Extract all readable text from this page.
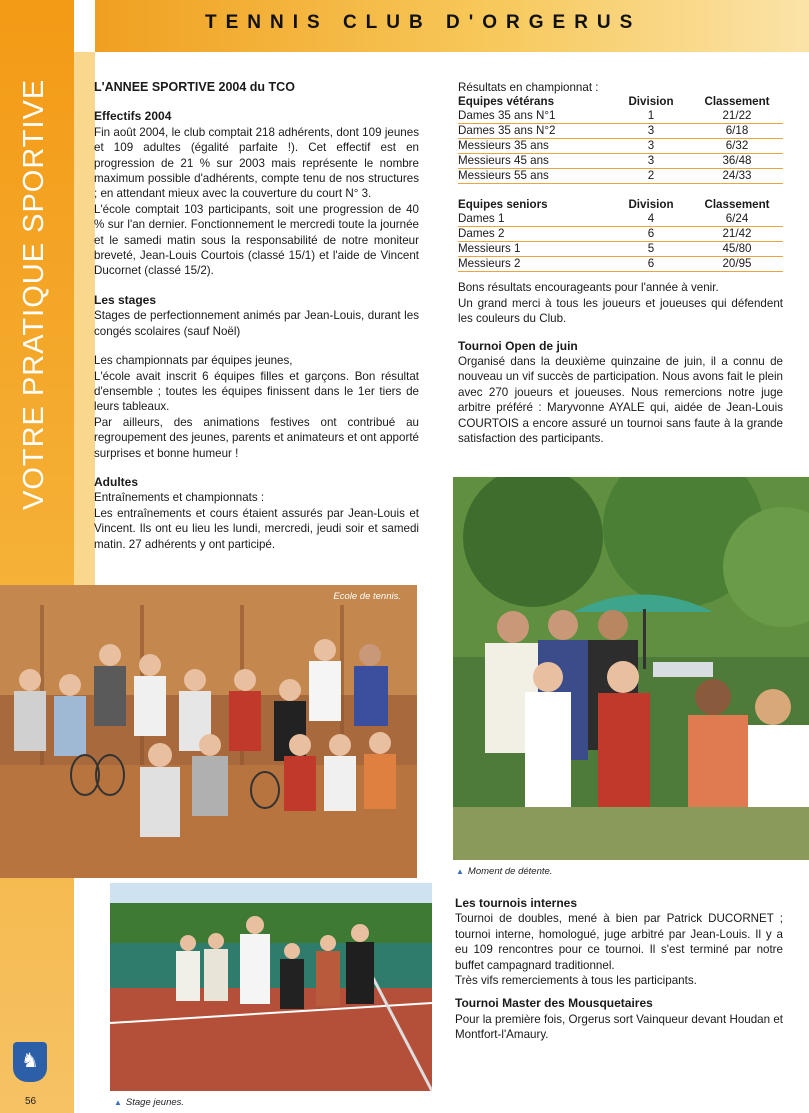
TENNIS CLUB D'ORGERUS
VOTRE PRATIQUE SPORTIVE
♞
56
L'ANNEE SPORTIVE 2004 du TCO
Effectifs 2004

Fin août 2004, le club comptait 218 adhérents, dont 109 jeunes et 109 adultes (égalité parfaite !). Cet effectif est en progression de 21 % sur 2003 mais représente le nombre maximum possible d'adhérents, compte tenu de nos structures ; en attendant mieux avec la couverture du court N° 3.

L'école comptait 103 participants, soit une progression de 40 % sur l'an dernier. Fonctionnement le mercredi toute la journée et le samedi matin sous la responsabilité de notre moniteur breveté, Jean-Louis Courtois (classé 15/1) et l'aide de Vincent Ducornet (classé 15/2).

Les stages

Stages de perfectionnement animés par Jean-Louis, durant les congés scolaires (sauf Noël)

Les championnats par équipes jeunes,

L'école avait inscrit 6 équipes filles et garçons. Bon résultat d'ensemble ; toutes les équipes finissent dans le 1er tiers de leurs tableaux.

Par ailleurs, des animations festives ont contribué au regroupement des jeunes, parents et animateurs et ont apporté surprises et bonne humeur !

Adultes

Entraînements et championnats :

Les entraînements et cours étaient assurés par Jean-Louis et Vincent. Ils ont eu lieu les lundi, mercredi, jeudi soir et samedi matin. 27 adhérents y ont participé.

Résultats en championnat :

Equipes vétérans	Division	Classement
Dames 35 ans N°1	1	21/22
Dames 35 ans N°2	3	6/18
Messieurs 35 ans	3	6/32
Messieurs 45 ans	3	36/48
Messieurs 55 ans	2	24/33
Equipes seniors	Division	Classement
Dames 1	4	6/24
Dames 2	6	21/42
Messieurs 1	5	45/80
Messieurs 2	6	20/95

Bons résultats encourageants pour l'année à venir.

Un grand merci à tous les joueurs et joueuses qui défendent les couleurs du Club.

Tournoi Open de juin

Organisé dans la deuxième quinzaine de juin, il a connu de nouveau un vif succès de participation. Nous avons fait le plein avec 270 joueurs et joueuses. Nous remercions notre juge arbitre préféré : Maryvonne AYALE qui, aidée de Jean-Louis COURTOIS a encore assuré un tournoi sans faute à la grande satisfaction des participants.

Ecole de tennis.
▲ Stage jeunes.
▲ Moment de détente.
Les tournois internes

Tournoi de doubles, mené à bien par Patrick DUCORNET ; tournoi interne, homologué, juge arbitré par Jean-Louis. Il y a eu 109 rencontres pour ce tournoi. Il s'est terminé par notre buffet campagnard traditionnel.

Très vifs remerciements à tous les participants.

Tournoi Master des Mousquetaires

Pour la première fois, Orgerus sort Vainqueur devant Houdan et Montfort-l'Amaury.
